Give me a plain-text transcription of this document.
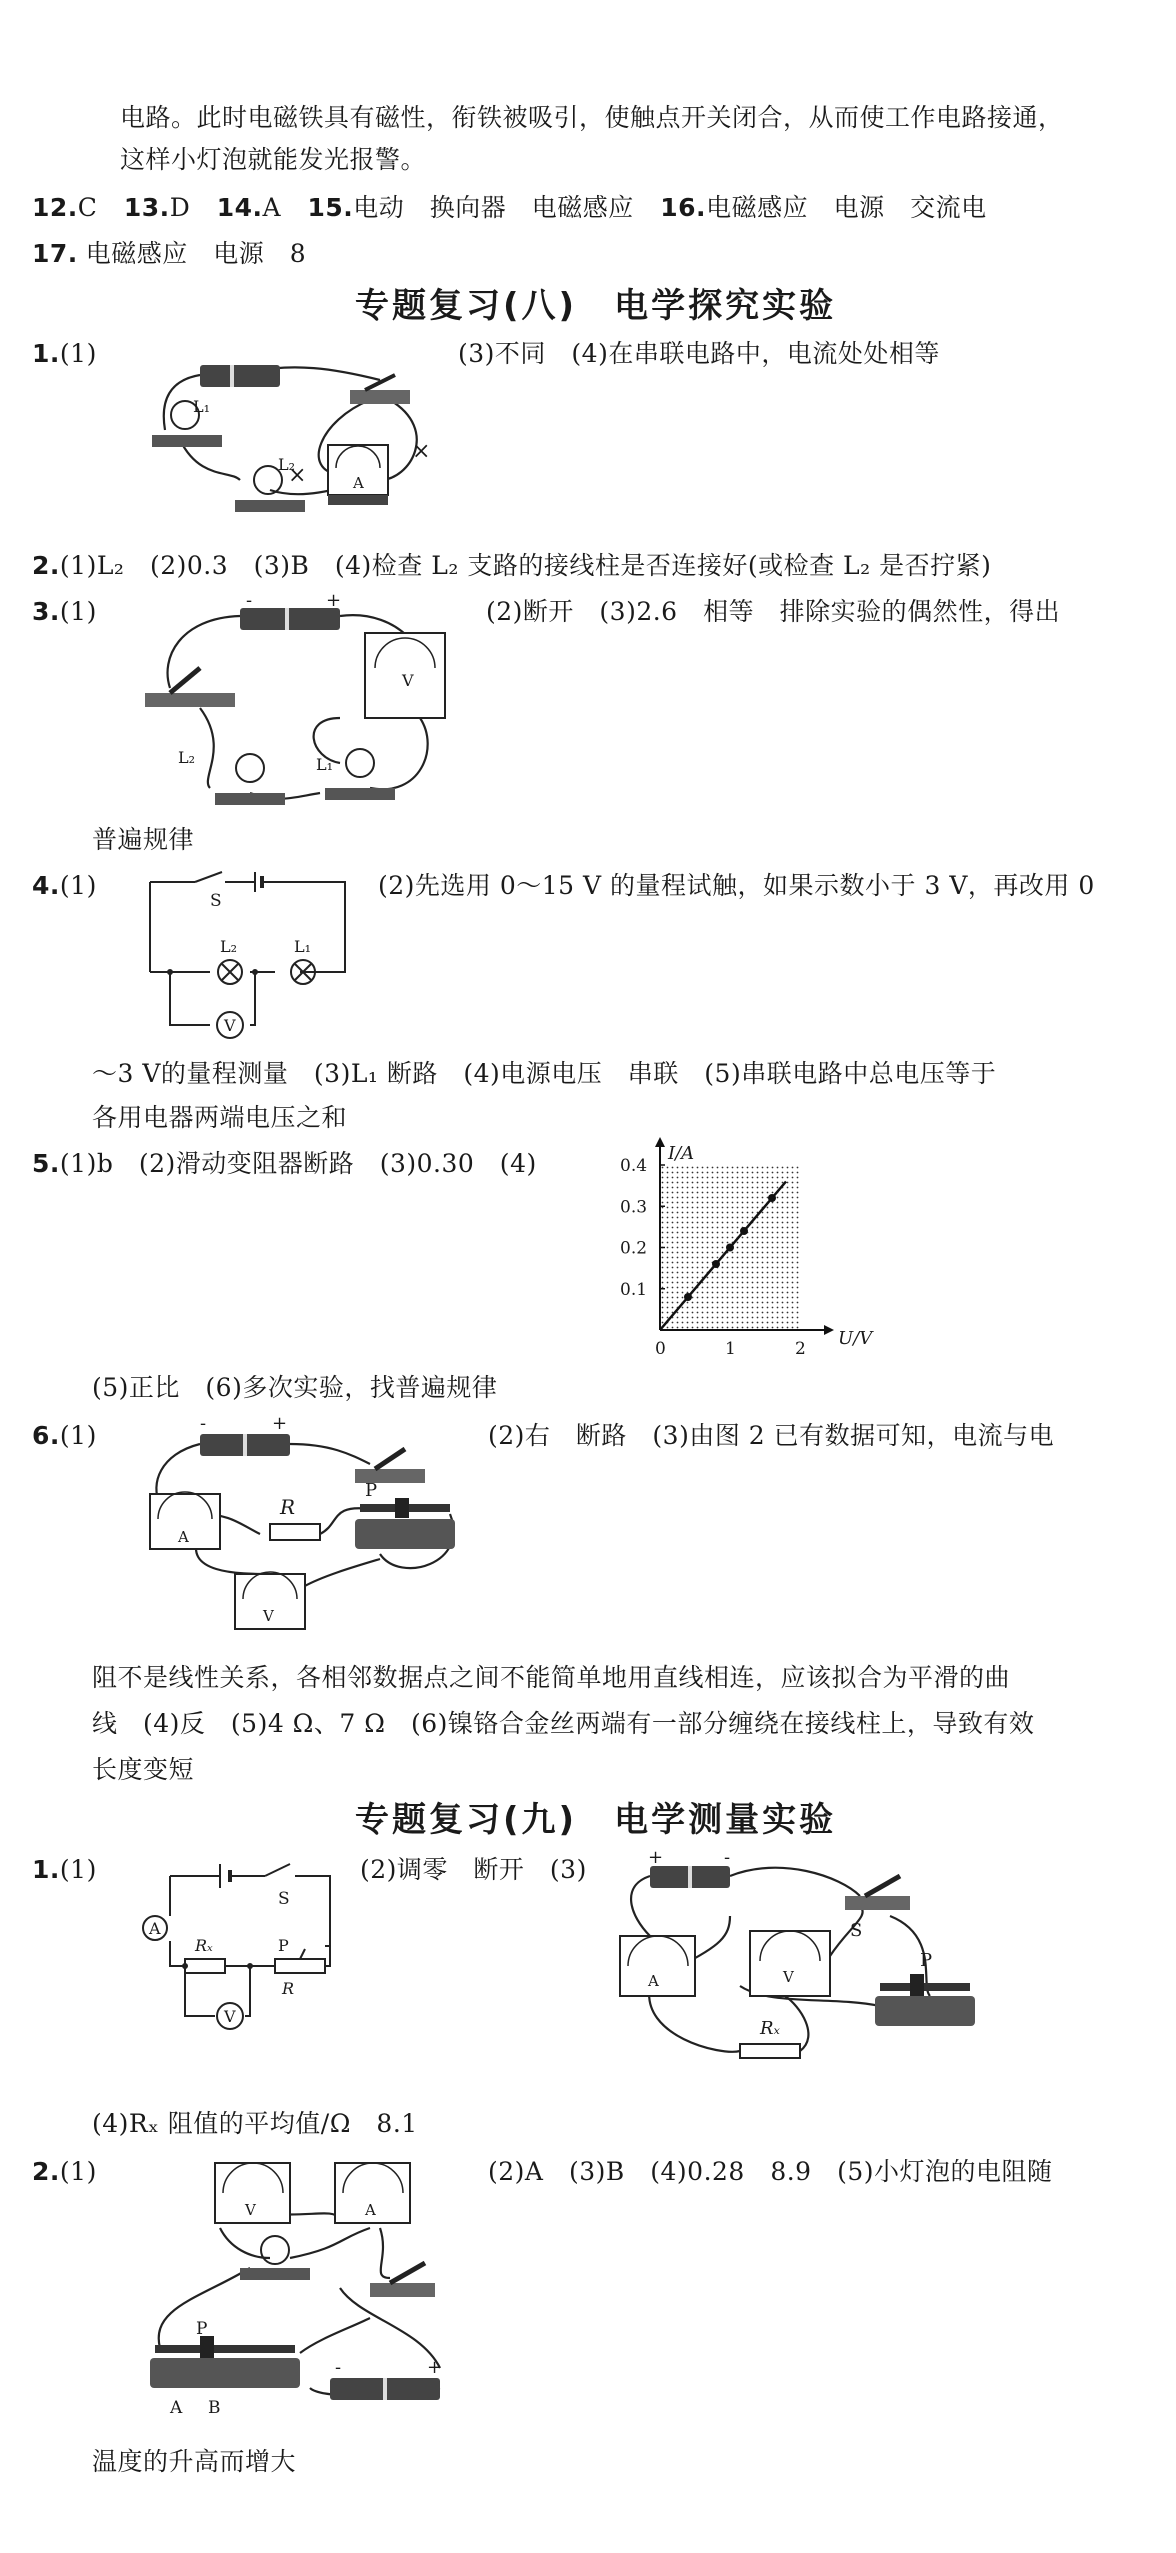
电路。此时电磁铁具有磁性，衔铁被吸引，使触点开关闭合，从而使工作电路接通，
这样小灯泡就能发光报警。
12.C 13.D 14.A 15.电动　换向器　电磁感应 16.电磁感应　电源　交流电
17. 电磁感应　电源　8
专题复习(八)　电学探究实验
1.(1)	(3)不同　(4)在串联电路中，电流处处相等
L₁
L₂
A
×
×
2.(1)L₂　(2)0.3　(3)B　(4)检查 L₂ 支路的接线柱是否连接好(或检查 L₂ 是否拧紧)
3.(1)	(2)断开　(3)2.6　相等　排除实验的偶然性，得出
-	+
V
L₂	L₁
普遍规律
4.(1)	(2)先选用 0～15 V 的量程试触，如果示数小于 3 V，再改用 0
S
L₂	L₁
V
～3 V的量程测量　(3)L₁ 断路　(4)电源电压　串联　(5)串联电路中总电压等于
各用电器两端电压之和
5.(1)b　(2)滑动变阻器断路　(3)0.30　(4)
U/V
I/A
0	1	2
0.1
0.2
0.3
0.4
(5)正比　(6)多次实验，找普遍规律
6.(1)	(2)右　断路　(3)由图 2 已有数据可知，电流与电
-	+
R
P
A
V
阻不是线性关系，各相邻数据点之间不能简单地用直线相连，应该拟合为平滑的曲
线　(4)反　(5)4 Ω、7 Ω　(6)镍铬合金丝两端有一部分缠绕在接线柱上，导致有效
长度变短
专题复习(九)　电学测量实验
1.(1)	(2)调零　断开　(3)
S
A
Rₓ	P
R
V
+	-
S
P
A	V
Rₓ
(4)Rₓ 阻值的平均值/Ω　8.1
2.(1)	(2)A　(3)B　(4)0.28　8.9　(5)小灯泡的电阻随
V	A
P
A B
-	+
温度的升高而增大
